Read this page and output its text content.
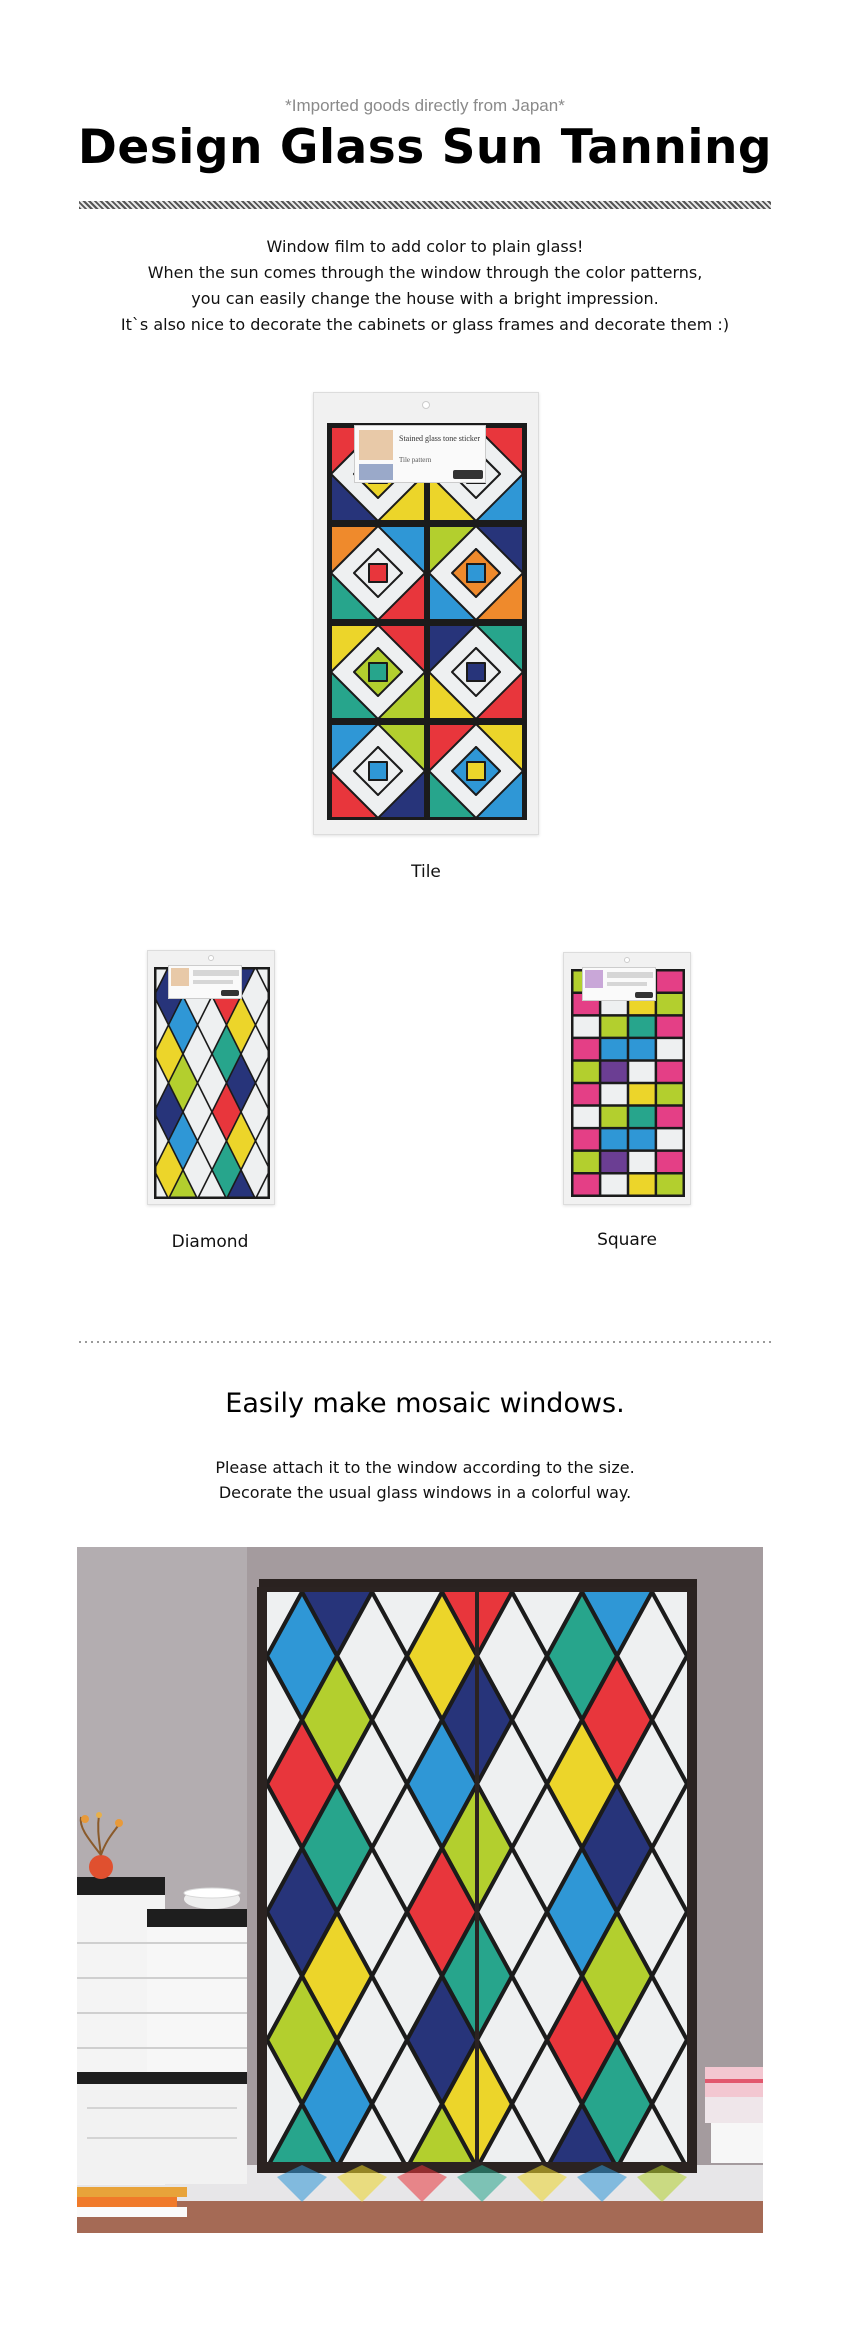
*Imported goods directly from Japan*
Design Glass Sun Tanning
Window film to add color to plain glass!
When the sun comes through the window through the color patterns,
you can easily change the house with a bright impression.
It`s also nice to decorate the cabinets or glass frames and decorate them :)
Stained glass tone sticker
Tile pattern
Tile
Diamond	Square
Easily make mosaic windows.
Please attach it to the window according to the size.
Decorate the usual glass windows in a colorful way.
